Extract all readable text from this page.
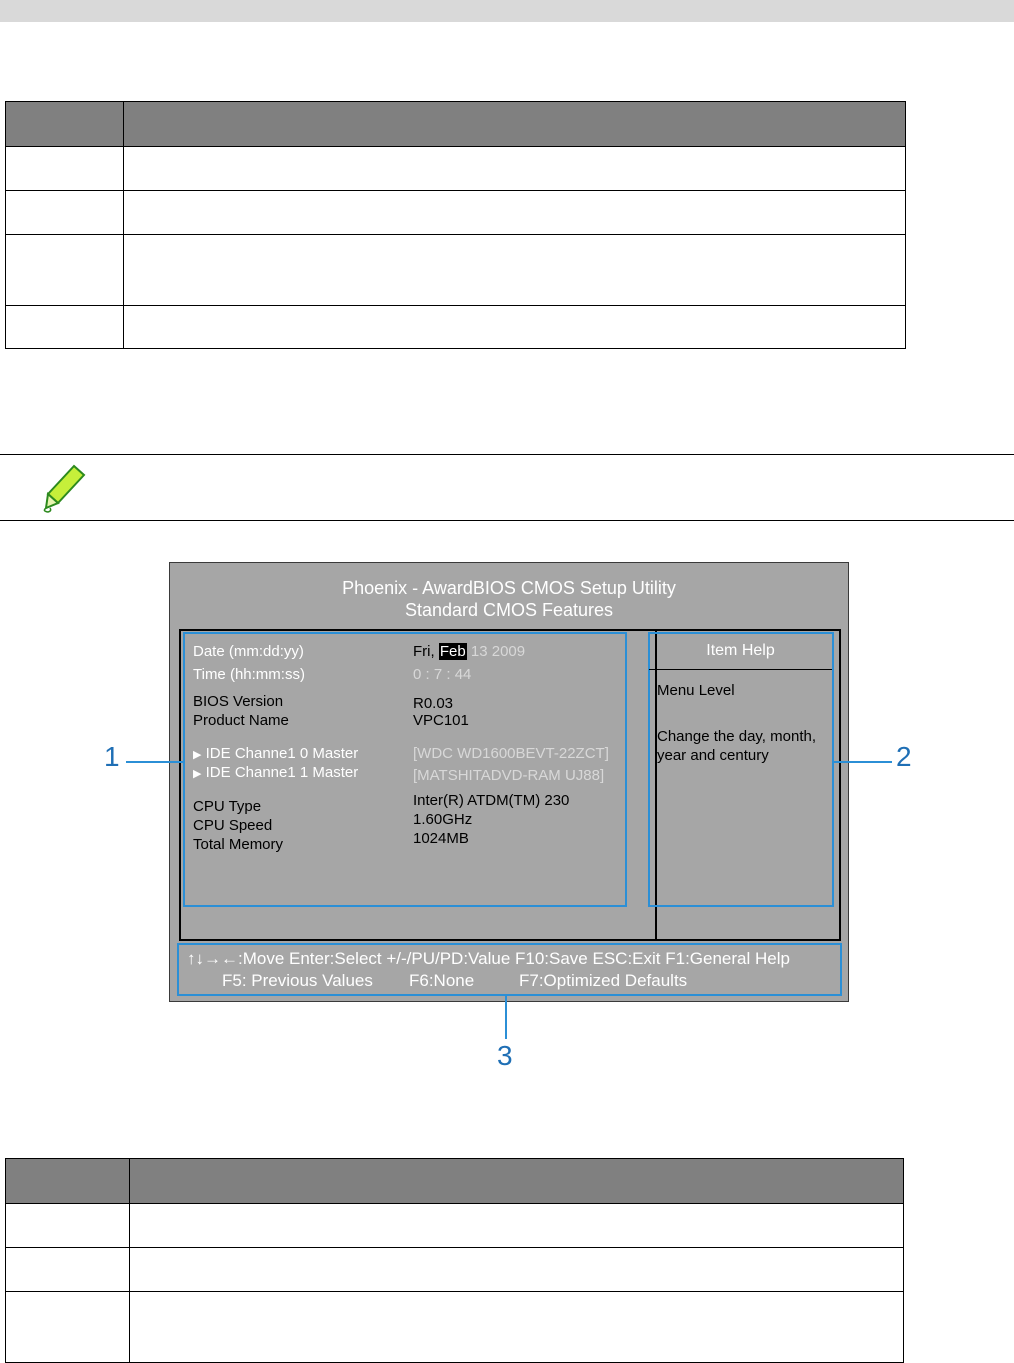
Phoenix - AwardBIOS CMOS Setup Utility
Standard CMOS Features
Date (mm:dd:yy)	Fri, Feb 13 2009
Time (hh:mm:ss)	0 : 7 : 44
BIOS Version	R0.03
Product Name	VPC101
▶ IDE Channe1 0 Master	[WDC WD1600BEVT-22ZCT]
▶ IDE Channe1 1 Master	[MATSHITADVD-RAM UJ88]
CPU Type	Inter(R) ATDM(TM) 230
CPU Speed	1.60GHz
Total Memory	1024MB
Item Help
Menu Level
Change the day, month,
year and century
↑↓→←:Move Enter:Select +/-/PU/PD:Value F10:Save ESC:Exit F1:General Help
F5: Previous Values F6:None	F7:Optimized Defaults
1	2
3
